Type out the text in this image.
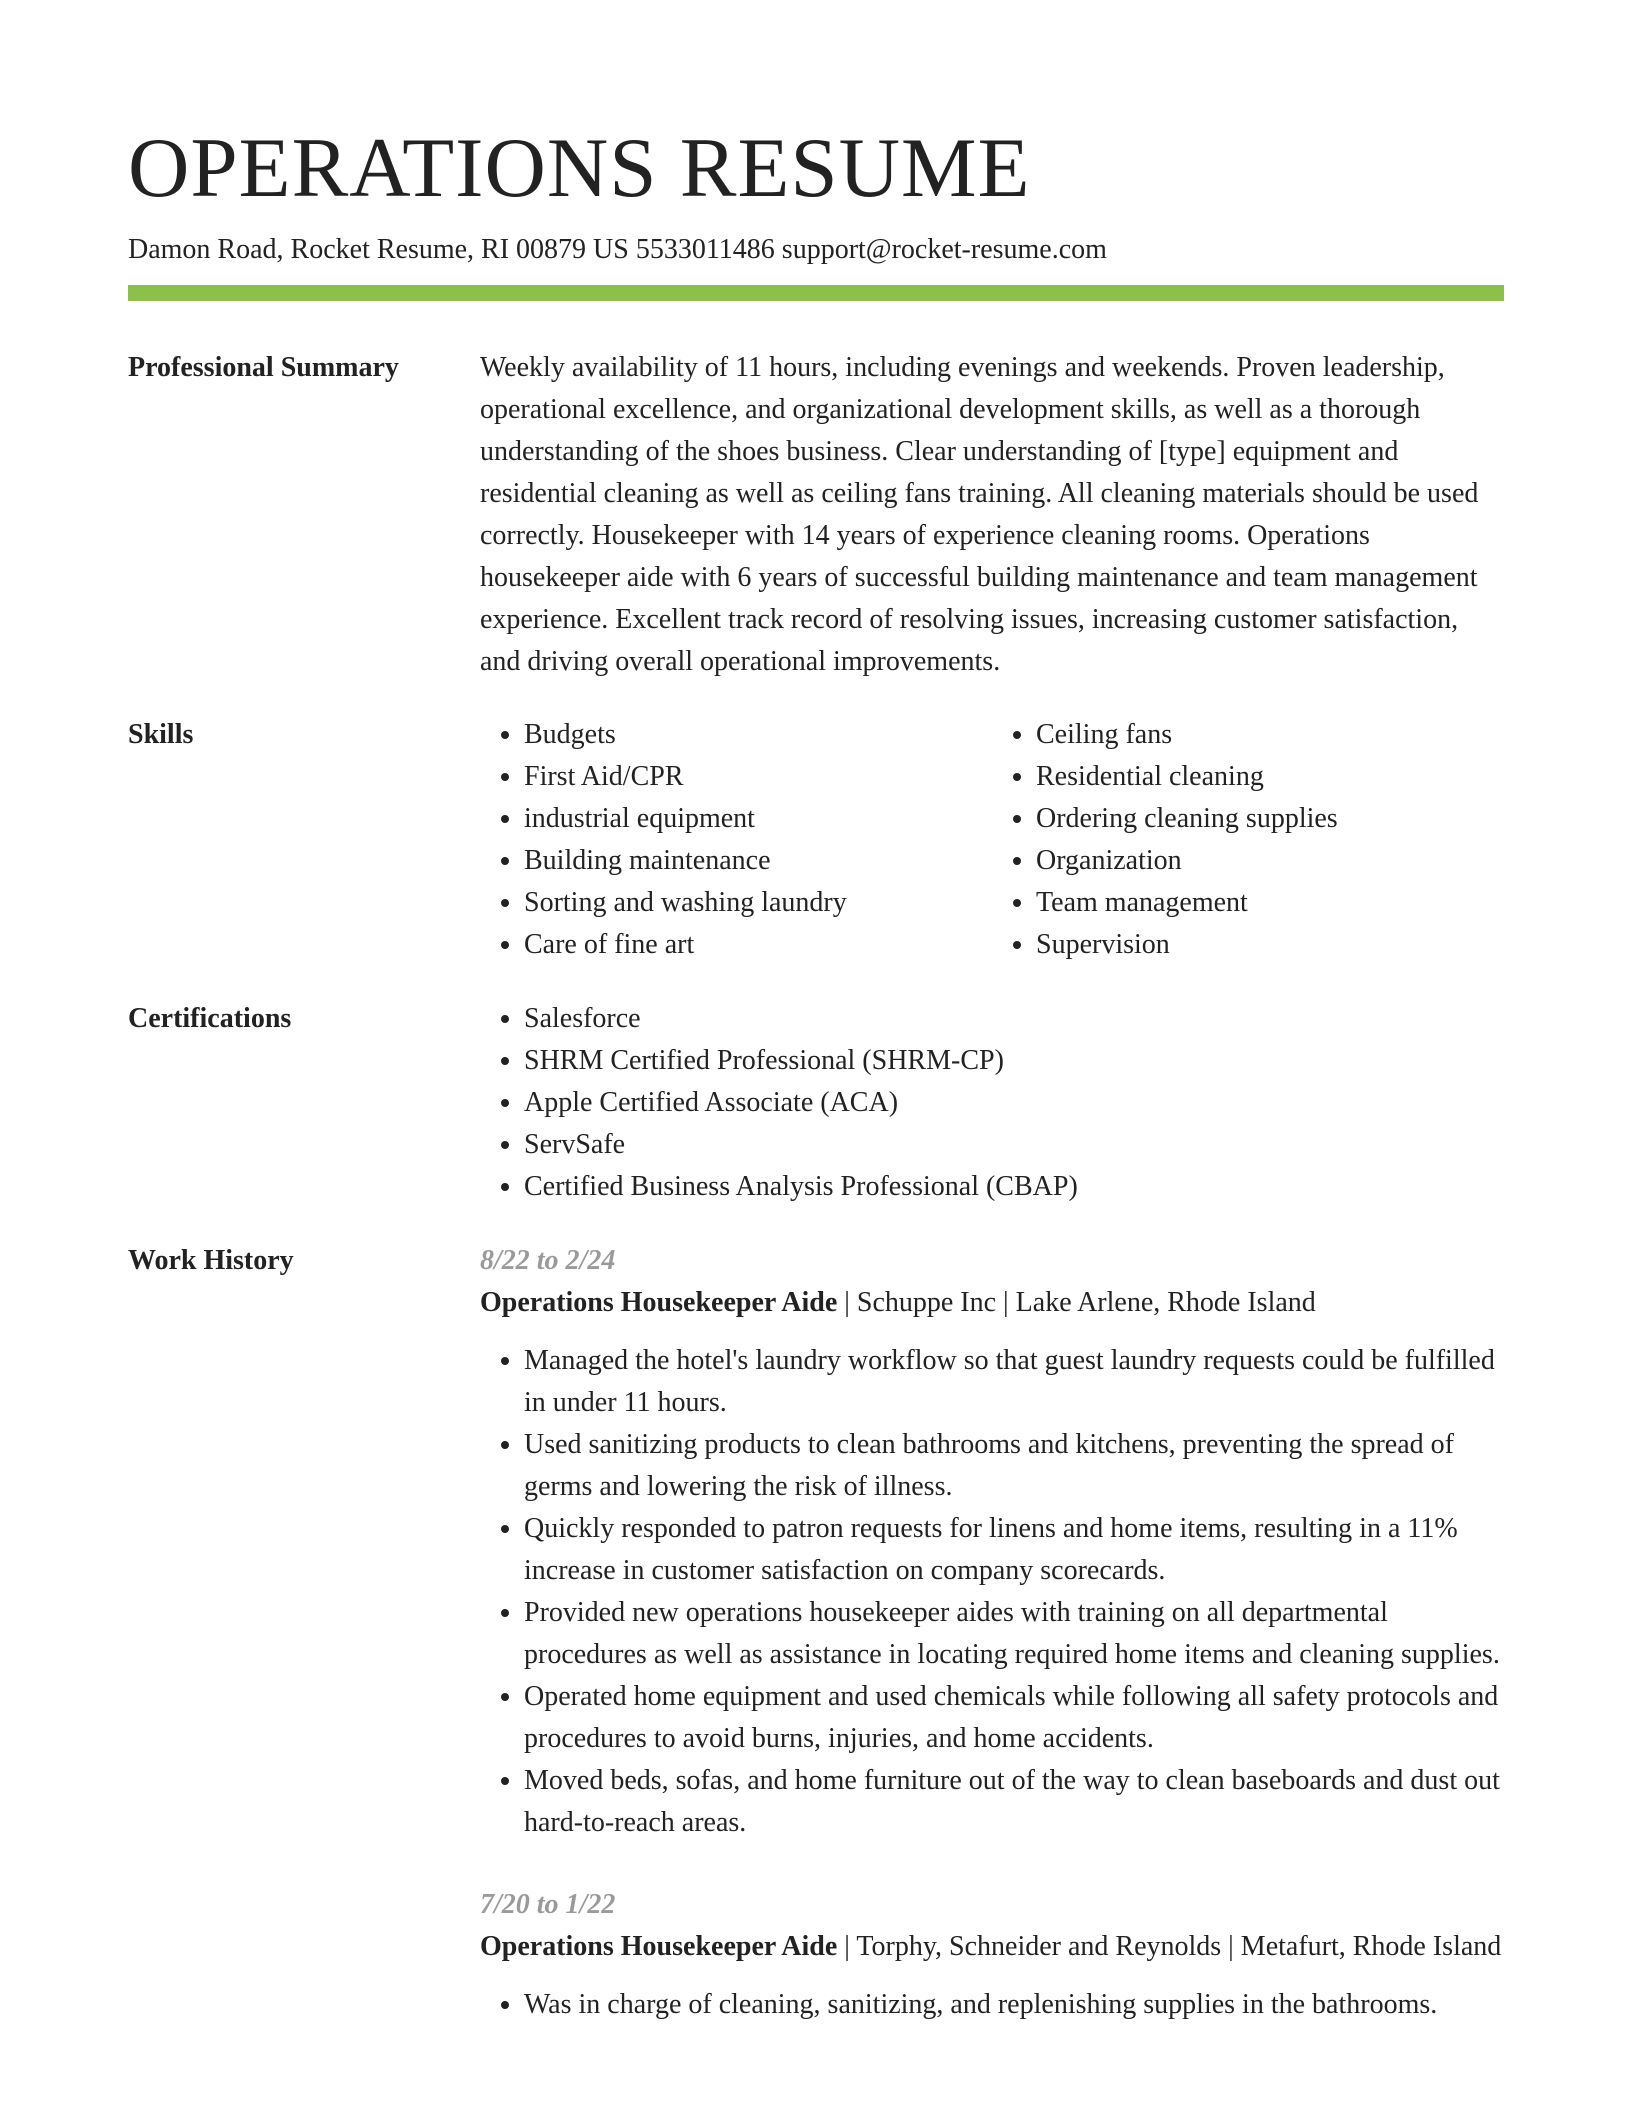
OPERATIONS RESUME
Damon Road, Rocket Resume, RI 00879 US 5533011486 support@rocket-resume.com
Professional Summary	Weekly availability of 11 hours, including evenings and weekends. Proven leadership, operational excellence, and organizational development skills, as well as a thorough understanding of the shoes business. Clear understanding of [type] equipment and residential cleaning as well as ceiling fans training. All cleaning materials should be used correctly. Housekeeper with 14 years of experience cleaning rooms. Operations housekeeper aide with 6 years of successful building maintenance and team management experience. Excellent track record of resolving issues, increasing customer satisfaction, and driving overall operational improvements.

Skills	• Budgets
• First Aid/CPR
• industrial equipment
• Building maintenance
• Sorting and washing laundry
• Care of fine art
• Ceiling fans
• Residential cleaning
• Ordering cleaning supplies
• Organization
• Team management
• Supervision
Certifications	• Salesforce
• SHRM Certified Professional (SHRM-CP)
• Apple Certified Associate (ACA)
• ServSafe
• Certified Business Analysis Professional (CBAP)
Work History	8/22 to 2/24
Operations Housekeeper Aide | Schuppe Inc | Lake Arlene, Rhode Island
• Managed the hotel's laundry workflow so that guest laundry requests could be fulfilled in under 11 hours.
• Used sanitizing products to clean bathrooms and kitchens, preventing the spread of germs and lowering the risk of illness.
• Quickly responded to patron requests for linens and home items, resulting in a 11% increase in customer satisfaction on company scorecards.
• Provided new operations housekeeper aides with training on all departmental procedures as well as assistance in locating required home items and cleaning supplies.
• Operated home equipment and used chemicals while following all safety protocols and procedures to avoid burns, injuries, and home accidents.
• Moved beds, sofas, and home furniture out of the way to clean baseboards and dust out hard-to-reach areas.
7/20 to 1/22
Operations Housekeeper Aide | Torphy, Schneider and Reynolds | Metafurt, Rhode Island
• Was in charge of cleaning, sanitizing, and replenishing supplies in the bathrooms.
